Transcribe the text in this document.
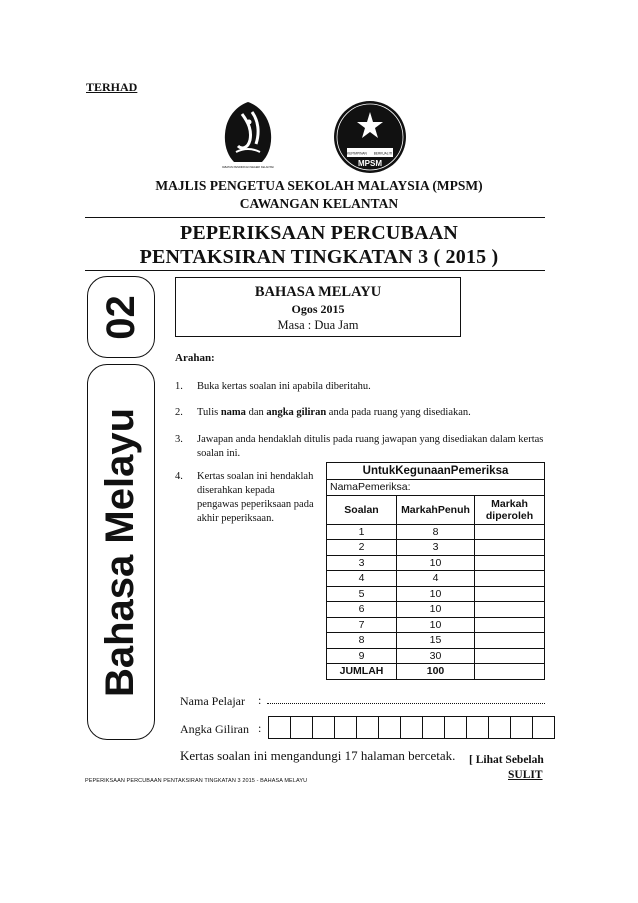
TERHAD
JABATAN PENDIDIKAN NEGERI KELANTAN
KEPIMPINAN BERKUALITI
MPSM
MAJLIS PENGETUA SEKOLAH MALAYSIA (MPSM)
CAWANGAN KELANTAN
PEPERIKSAAN PERCUBAAN
PENTAKSIRAN TINGKATAN 3 ( 2015 )
02
Bahasa Melayu
BAHASA MELAYU
Ogos 2015
Masa : Dua Jam
Arahan:
1. Buka kertas soalan ini apabila diberitahu.
2. Tulis nama dan angka giliran anda pada ruang yang disediakan.
3. Jawapan anda hendaklah ditulis pada ruang jawapan yang disediakan dalam kertas soalan ini.
4. Kertas soalan ini hendaklah diserahkan kepada pengawas peperiksaan pada akhir peperiksaan.
UntukKegunaanPemeriksa		
NamaPemeriksa:		
Soalan	MarkahPenuh	Markah diperoleh
1	8	
2	3	
3	10	
4	4	
5	10	
6	10	
7	10	
8	15	
9	30	
JUMLAH	100	
Nama Pelajar :
Angka Giliran :
Kertas soalan ini mengandungi 17 halaman bercetak. [ Lihat Sebelah
SULIT
PEPERIKSAAN PERCUBAAN PENTAKSIRAN TINGKATAN 3 2015 - BAHASA MELAYU
